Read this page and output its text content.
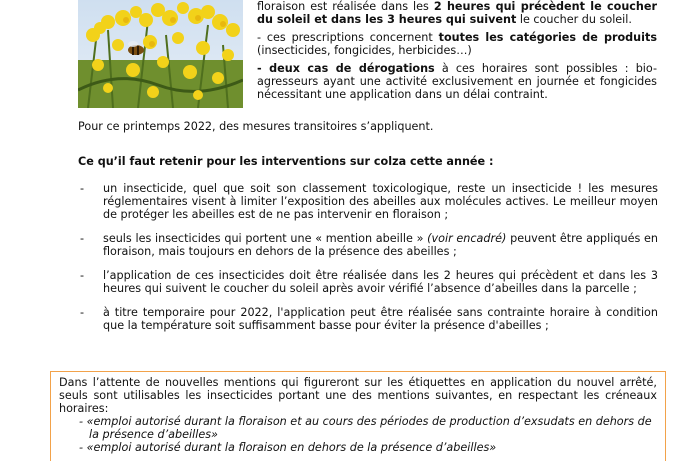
floraison est réalisée dans les 2 heures qui précèdent le coucher du soleil et dans les 3 heures qui suivent le coucher du soleil.
- ces prescriptions concernent toutes les catégories de produits (insecticides, fongicides, herbicides…)
- deux cas de dérogations à ces horaires sont possibles : bio-agresseurs ayant une activité exclusivement en journée et fongicides nécessitant une application dans un délai contraint.
Pour ce printemps 2022, des mesures transitoires s’appliquent.
Ce qu’il faut retenir pour les interventions sur colza cette année :
- un insecticide, quel que soit son classement toxicologique, reste un insecticide ! les mesures réglementaires visent à limiter l’exposition des abeilles aux molécules actives. Le meilleur moyen de protéger les abeilles est de ne pas intervenir en floraison ;
- seuls les insecticides qui portent une « mention abeille » (voir encadré) peuvent être appliqués en floraison, mais toujours en dehors de la présence des abeilles ;
- l’application de ces insecticides doit être réalisée dans les 2 heures qui précèdent et dans les 3 heures qui suivent le coucher du soleil après avoir vérifié l’absence d’abeilles dans la parcelle ;
- à titre temporaire pour 2022, l'application peut être réalisée sans contrainte horaire à condition que la température soit suffisamment basse pour éviter la présence d'abeilles ;
Dans l’attente de nouvelles mentions qui figureront sur les étiquettes en application du nouvel arrêté, seuls sont utilisables les insecticides portant une des mentions suivantes, en respectant les créneaux horaires:
- «emploi autorisé durant la floraison et au cours des périodes de production d’exsudats en dehors de la présence d’abeilles»
- «emploi autorisé durant la floraison en dehors de la présence d’abeilles»
